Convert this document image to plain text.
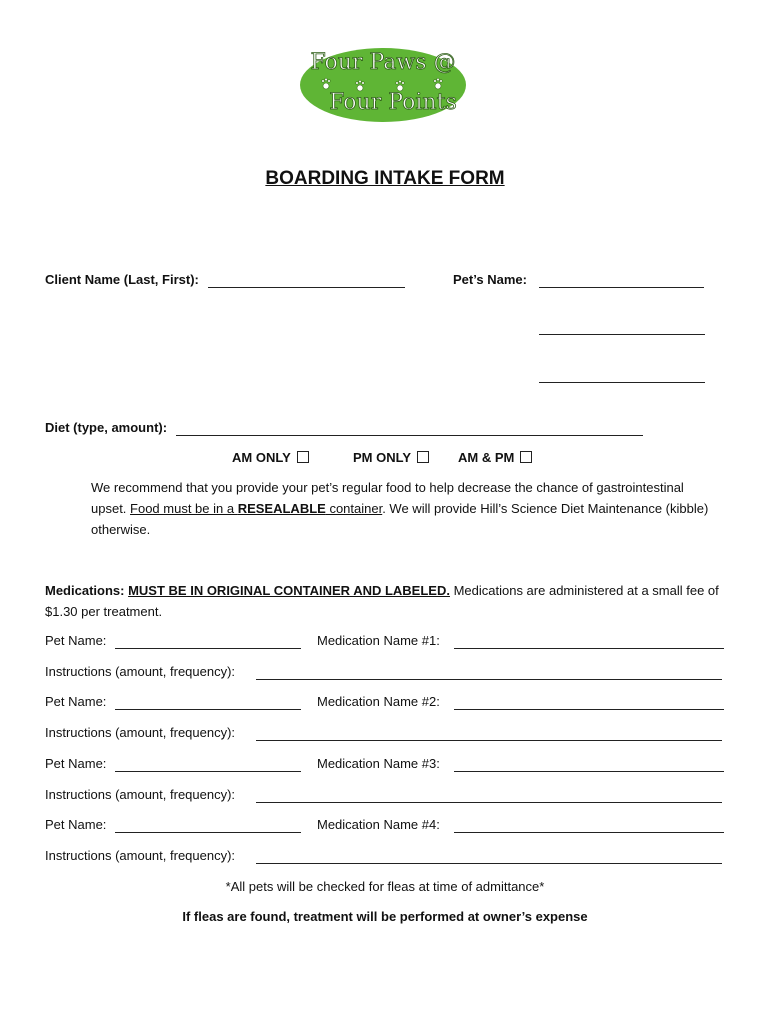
Four Paws @
Four Points
BOARDING INTAKE FORM
Client Name (Last, First):	Pet’s Name:
Diet (type, amount):
AM ONLY	PM ONLY	AM & PM
We recommend that you provide your pet’s regular food to help decrease the chance of gastrointestinal upset. Food must be in a RESEALABLE container. We will provide Hill’s Science Diet Maintenance (kibble) otherwise.
Medications: MUST BE IN ORIGINAL CONTAINER AND LABELED. Medications are administered at a small fee of $1.30 per treatment.
Pet Name:	Medication Name #1:
Instructions (amount, frequency):
Pet Name:	Medication Name #2:
Instructions (amount, frequency):
Pet Name:	Medication Name #3:
Instructions (amount, frequency):
Pet Name:	Medication Name #4:
Instructions (amount, frequency):
*All pets will be checked for fleas at time of admittance*
If fleas are found, treatment will be performed at owner’s expense
